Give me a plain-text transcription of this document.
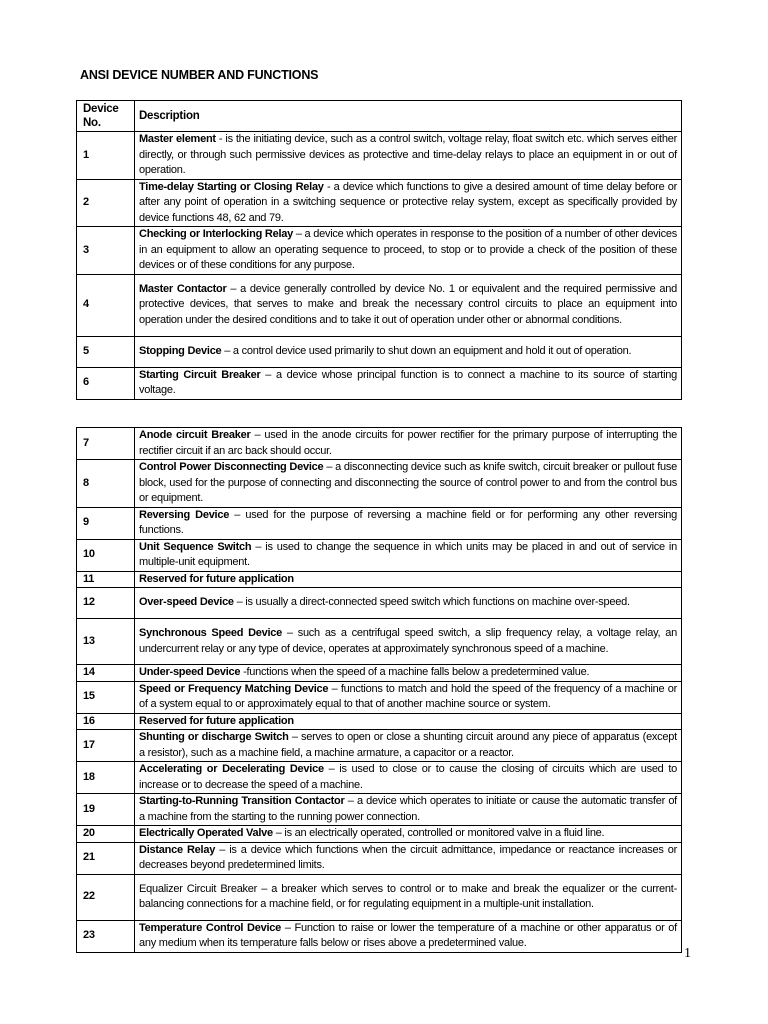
ANSI DEVICE NUMBER AND FUNCTIONS
Device No.	Description
1	Master element - is the initiating device, such as a control switch, voltage relay, float switch etc. which serves either directly, or through such permissive devices as protective and time-delay relays to place an equipment in or out of operation.
2	Time-delay Starting or Closing Relay - a device which functions to give a desired amount of time delay before or after any point of operation in a switching sequence or protective relay system, except as specifically provided by device functions 48, 62 and 79.
3	Checking or Interlocking Relay – a device which operates in response to the position of a number of other devices in an equipment to allow an operating sequence to proceed, to stop or to provide a check of the position of these devices or of these conditions for any purpose.
4	Master Contactor – a device generally controlled by device No. 1 or equivalent and the required permissive and protective devices, that serves to make and break the necessary control circuits to place an equipment into operation under the desired conditions and to take it out of operation under other or abnormal conditions.
5	Stopping Device – a control device used primarily to shut down an equipment and hold it out of operation.
6	Starting Circuit Breaker – a device whose principal function is to connect a machine to its source of starting voltage.
7	Anode circuit Breaker – used in the anode circuits for power rectifier for the primary purpose of interrupting the rectifier circuit if an arc back should occur.
8	Control Power Disconnecting Device – a disconnecting device such as knife switch, circuit breaker or pullout fuse block, used for the purpose of connecting and disconnecting the source of control power to and from the control bus or equipment.
9	Reversing Device – used for the purpose of reversing a machine field or for performing any other reversing functions.
10	Unit Sequence Switch – is used to change the sequence in which units may be placed in and out of service in multiple-unit equipment.
11	Reserved for future application
12	Over-speed Device – is usually a direct-connected speed switch which functions on machine over-speed.
13	Synchronous Speed Device – such as a centrifugal speed switch, a slip frequency relay, a voltage relay, an undercurrent relay or any type of device, operates at approximately synchronous speed of a machine.
14	Under-speed Device -functions when the speed of a machine falls below a predetermined value.
15	Speed or Frequency Matching Device – functions to match and hold the speed of the frequency of a machine or of a system equal to or approximately equal to that of another machine source or system.
16	Reserved for future application
17	Shunting or discharge Switch – serves to open or close a shunting circuit around any piece of apparatus (except a resistor), such as a machine field, a machine armature, a capacitor or a reactor.
18	Accelerating or Decelerating Device – is used to close or to cause the closing of circuits which are used to increase or to decrease the speed of a machine.
19	Starting-to-Running Transition Contactor – a device which operates to initiate or cause the automatic transfer of a machine from the starting to the running power connection.
20	Electrically Operated Valve – is an electrically operated, controlled or monitored valve in a fluid line.
21	Distance Relay – is a device which functions when the circuit admittance, impedance or reactance increases or decreases beyond predetermined limits.
22	Equalizer Circuit Breaker – a breaker which serves to control or to make and break the equalizer or the current-balancing connections for a machine field, or for regulating equipment in a multiple-unit installation.
23	Temperature Control Device – Function to raise or lower the temperature of a machine or other apparatus or of any medium when its temperature falls below or rises above a predetermined value.
1
